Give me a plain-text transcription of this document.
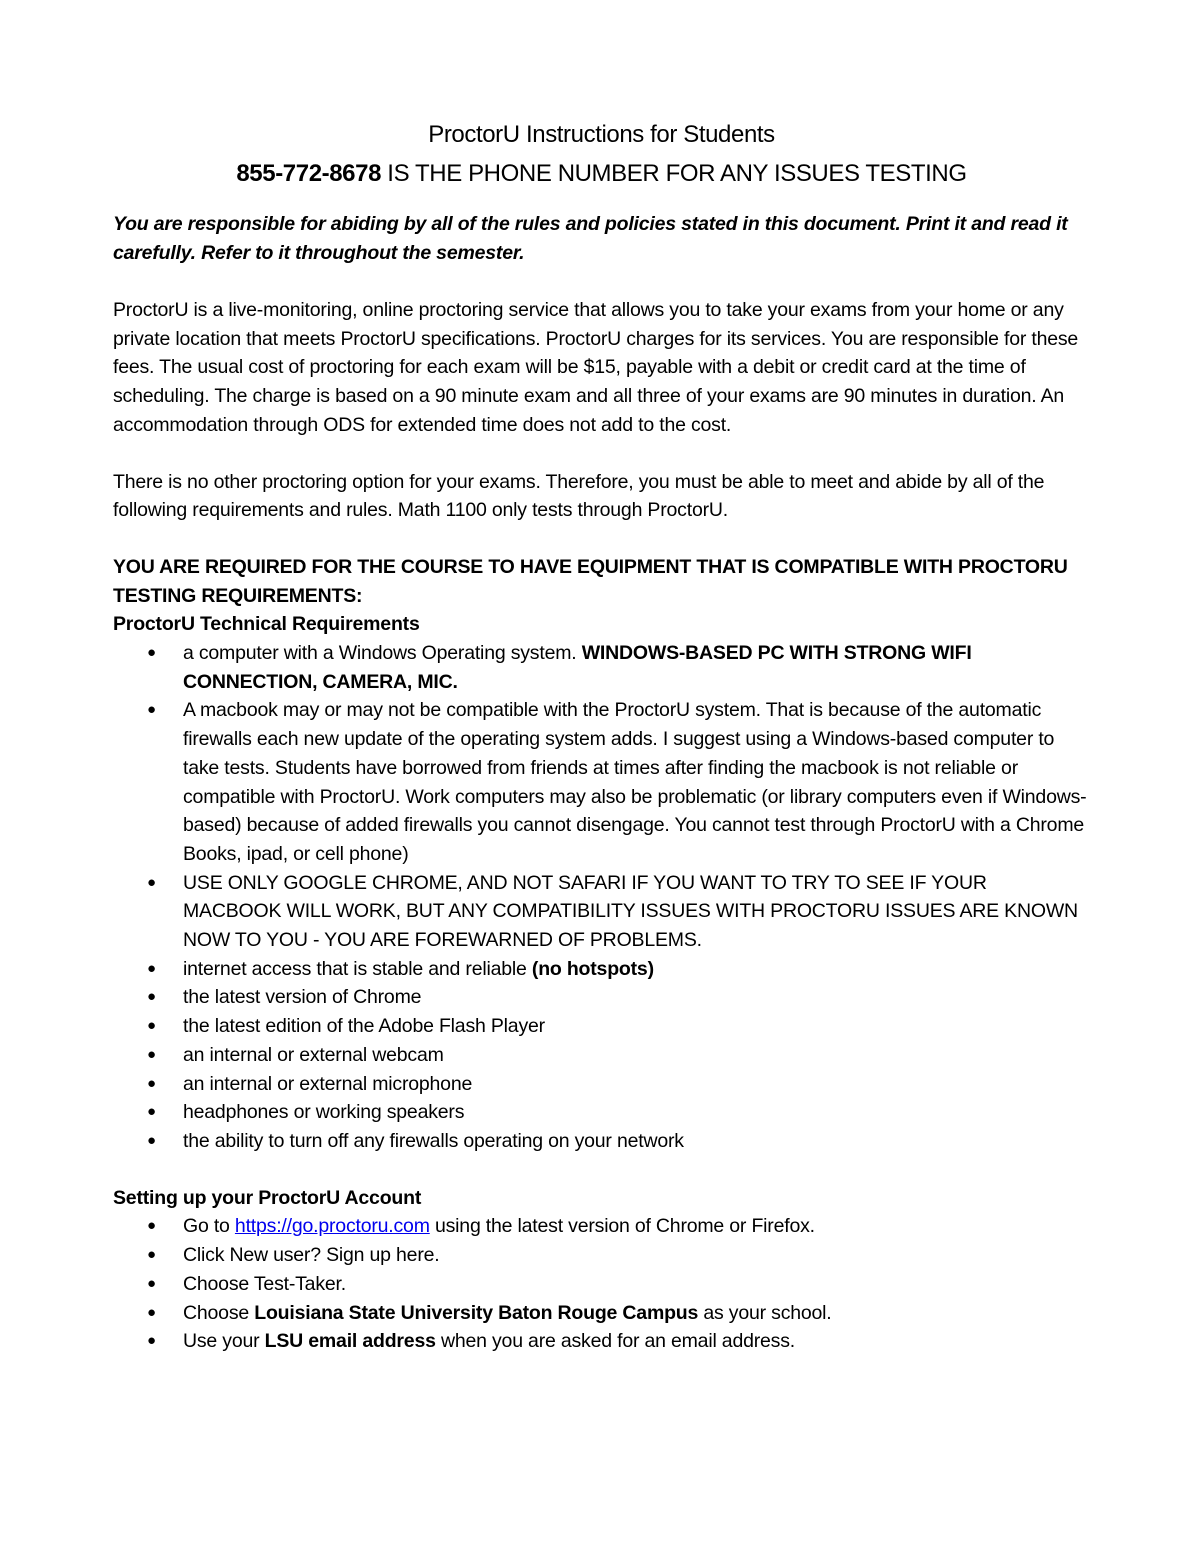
ProctorU Instructions for Students
855-772-8678 IS THE PHONE NUMBER FOR ANY ISSUES TESTING
You are responsible for abiding by all of the rules and policies stated in this document. Print it and read it carefully. Refer to it throughout the semester.

ProctorU is a live-monitoring, online proctoring service that allows you to take your exams from your home or any private location that meets ProctorU specifications. ProctorU charges for its services. You are responsible for these fees. The usual cost of proctoring for each exam will be $15, payable with a debit or credit card at the time of scheduling. The charge is based on a 90 minute exam and all three of your exams are 90 minutes in duration. An accommodation through ODS for extended time does not add to the cost.

There is no other proctoring option for your exams. Therefore, you must be able to meet and abide by all of the following requirements and rules. Math 1100 only tests through ProctorU.

YOU ARE REQUIRED FOR THE COURSE TO HAVE EQUIPMENT THAT IS COMPATIBLE WITH PROCTORU TESTING REQUIREMENTS:

ProctorU Technical Requirements

● a computer with a Windows Operating system. WINDOWS-BASED PC WITH STRONG WIFI CONNECTION, CAMERA, MIC.
● A macbook may or may not be compatible with the ProctorU system. That is because of the automatic firewalls each new update of the operating system adds. I suggest using a Windows-based computer to take tests. Students have borrowed from friends at times after finding the macbook is not reliable or compatible with ProctorU. Work computers may also be problematic (or library computers even if Windows-based) because of added firewalls you cannot disengage. You cannot test through ProctorU with a Chrome Books, ipad, or cell phone)
● USE ONLY GOOGLE CHROME, AND NOT SAFARI IF YOU WANT TO TRY TO SEE IF YOUR MACBOOK WILL WORK, BUT ANY COMPATIBILITY ISSUES WITH PROCTORU ISSUES ARE KNOWN NOW TO YOU - YOU ARE FOREWARNED OF PROBLEMS.
● internet access that is stable and reliable (no hotspots)
● the latest version of Chrome
● the latest edition of the Adobe Flash Player
● an internal or external webcam
● an internal or external microphone
● headphones or working speakers
● the ability to turn off any firewalls operating on your network

Setting up your ProctorU Account

● Go to https://go.proctoru.com using the latest version of Chrome or Firefox.
● Click New user? Sign up here.
● Choose Test-Taker.
● Choose Louisiana State University Baton Rouge Campus as your school.
● Use your LSU email address when you are asked for an email address.
